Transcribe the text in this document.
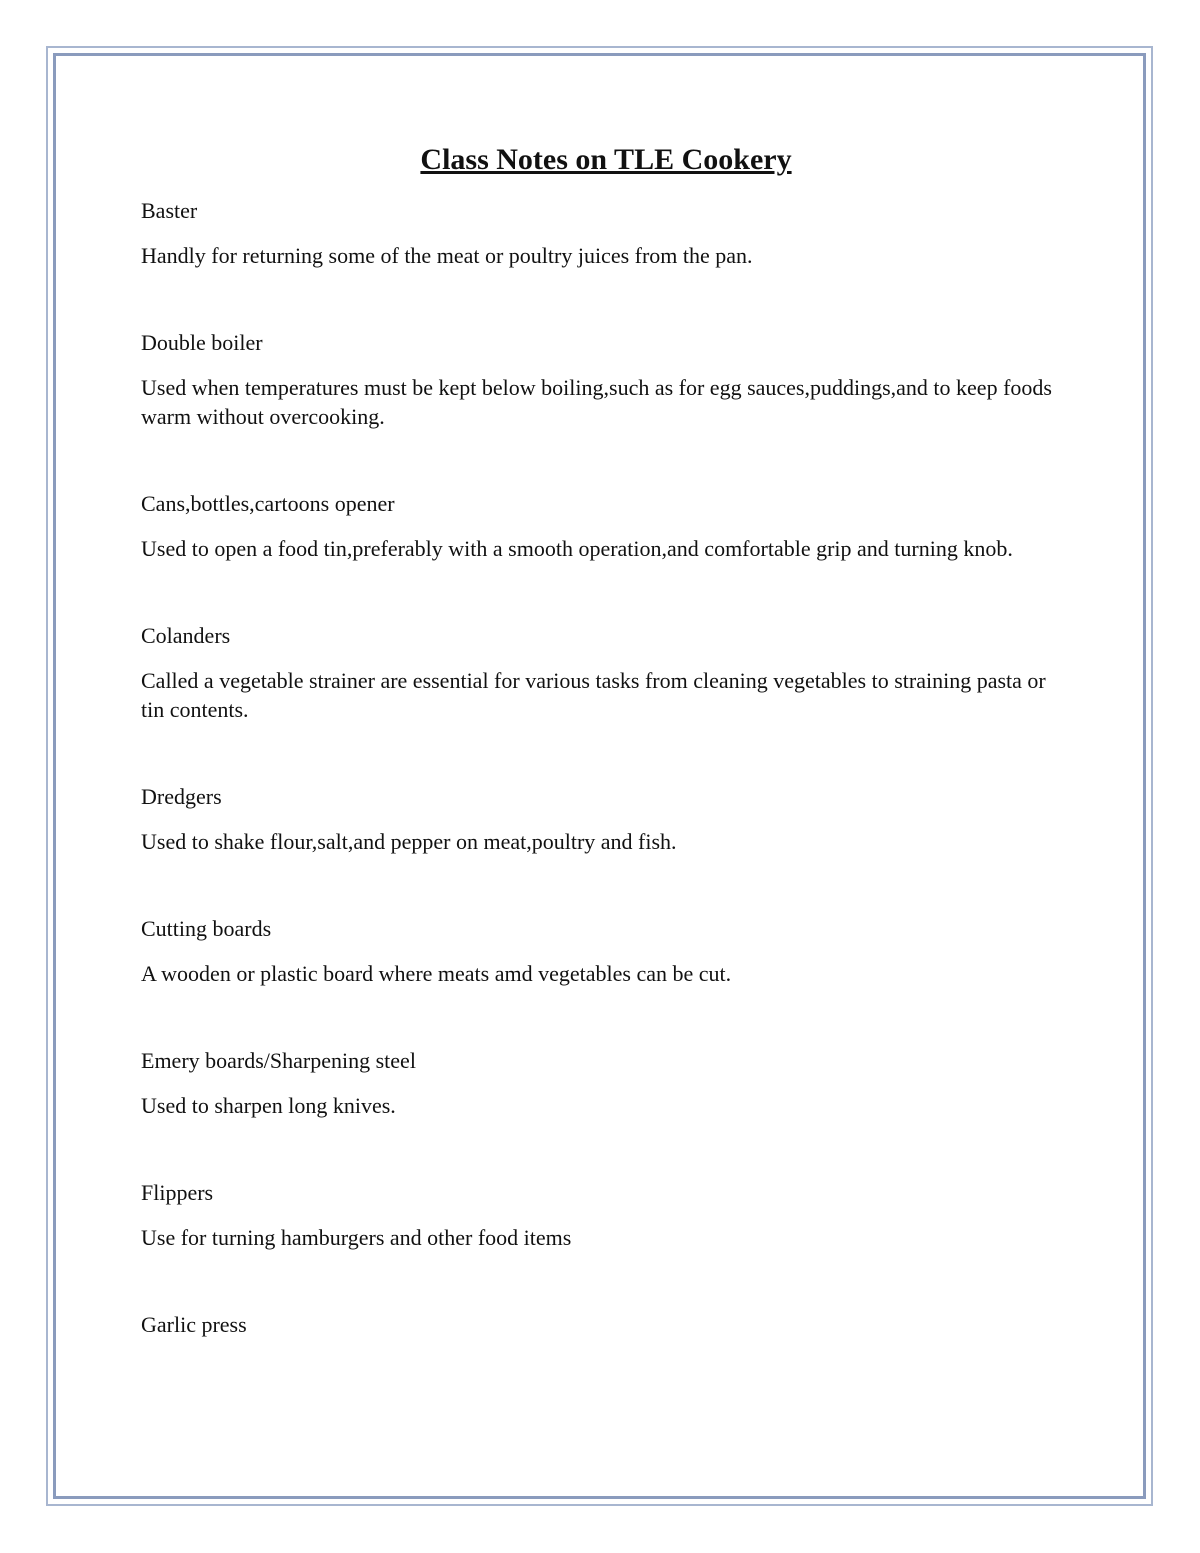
Class Notes on TLE Cookery
Baster

Handly for returning some of the meat or poultry juices from the pan.

Double boiler

Used when temperatures must be kept below boiling,such as for egg sauces,puddings,and to keep foods warm without overcooking.

Cans,bottles,cartoons opener

Used to open a food tin,preferably with a smooth operation,and comfortable grip and turning knob.

Colanders

Called a vegetable strainer are essential for various tasks from cleaning vegetables to straining pasta or tin contents.

Dredgers

Used to shake flour,salt,and pepper on meat,poultry and fish.

Cutting boards

A wooden or plastic board where meats amd vegetables can be cut.

Emery boards/Sharpening steel

Used to sharpen long knives.

Flippers

Use for turning hamburgers and other food items

Garlic press
